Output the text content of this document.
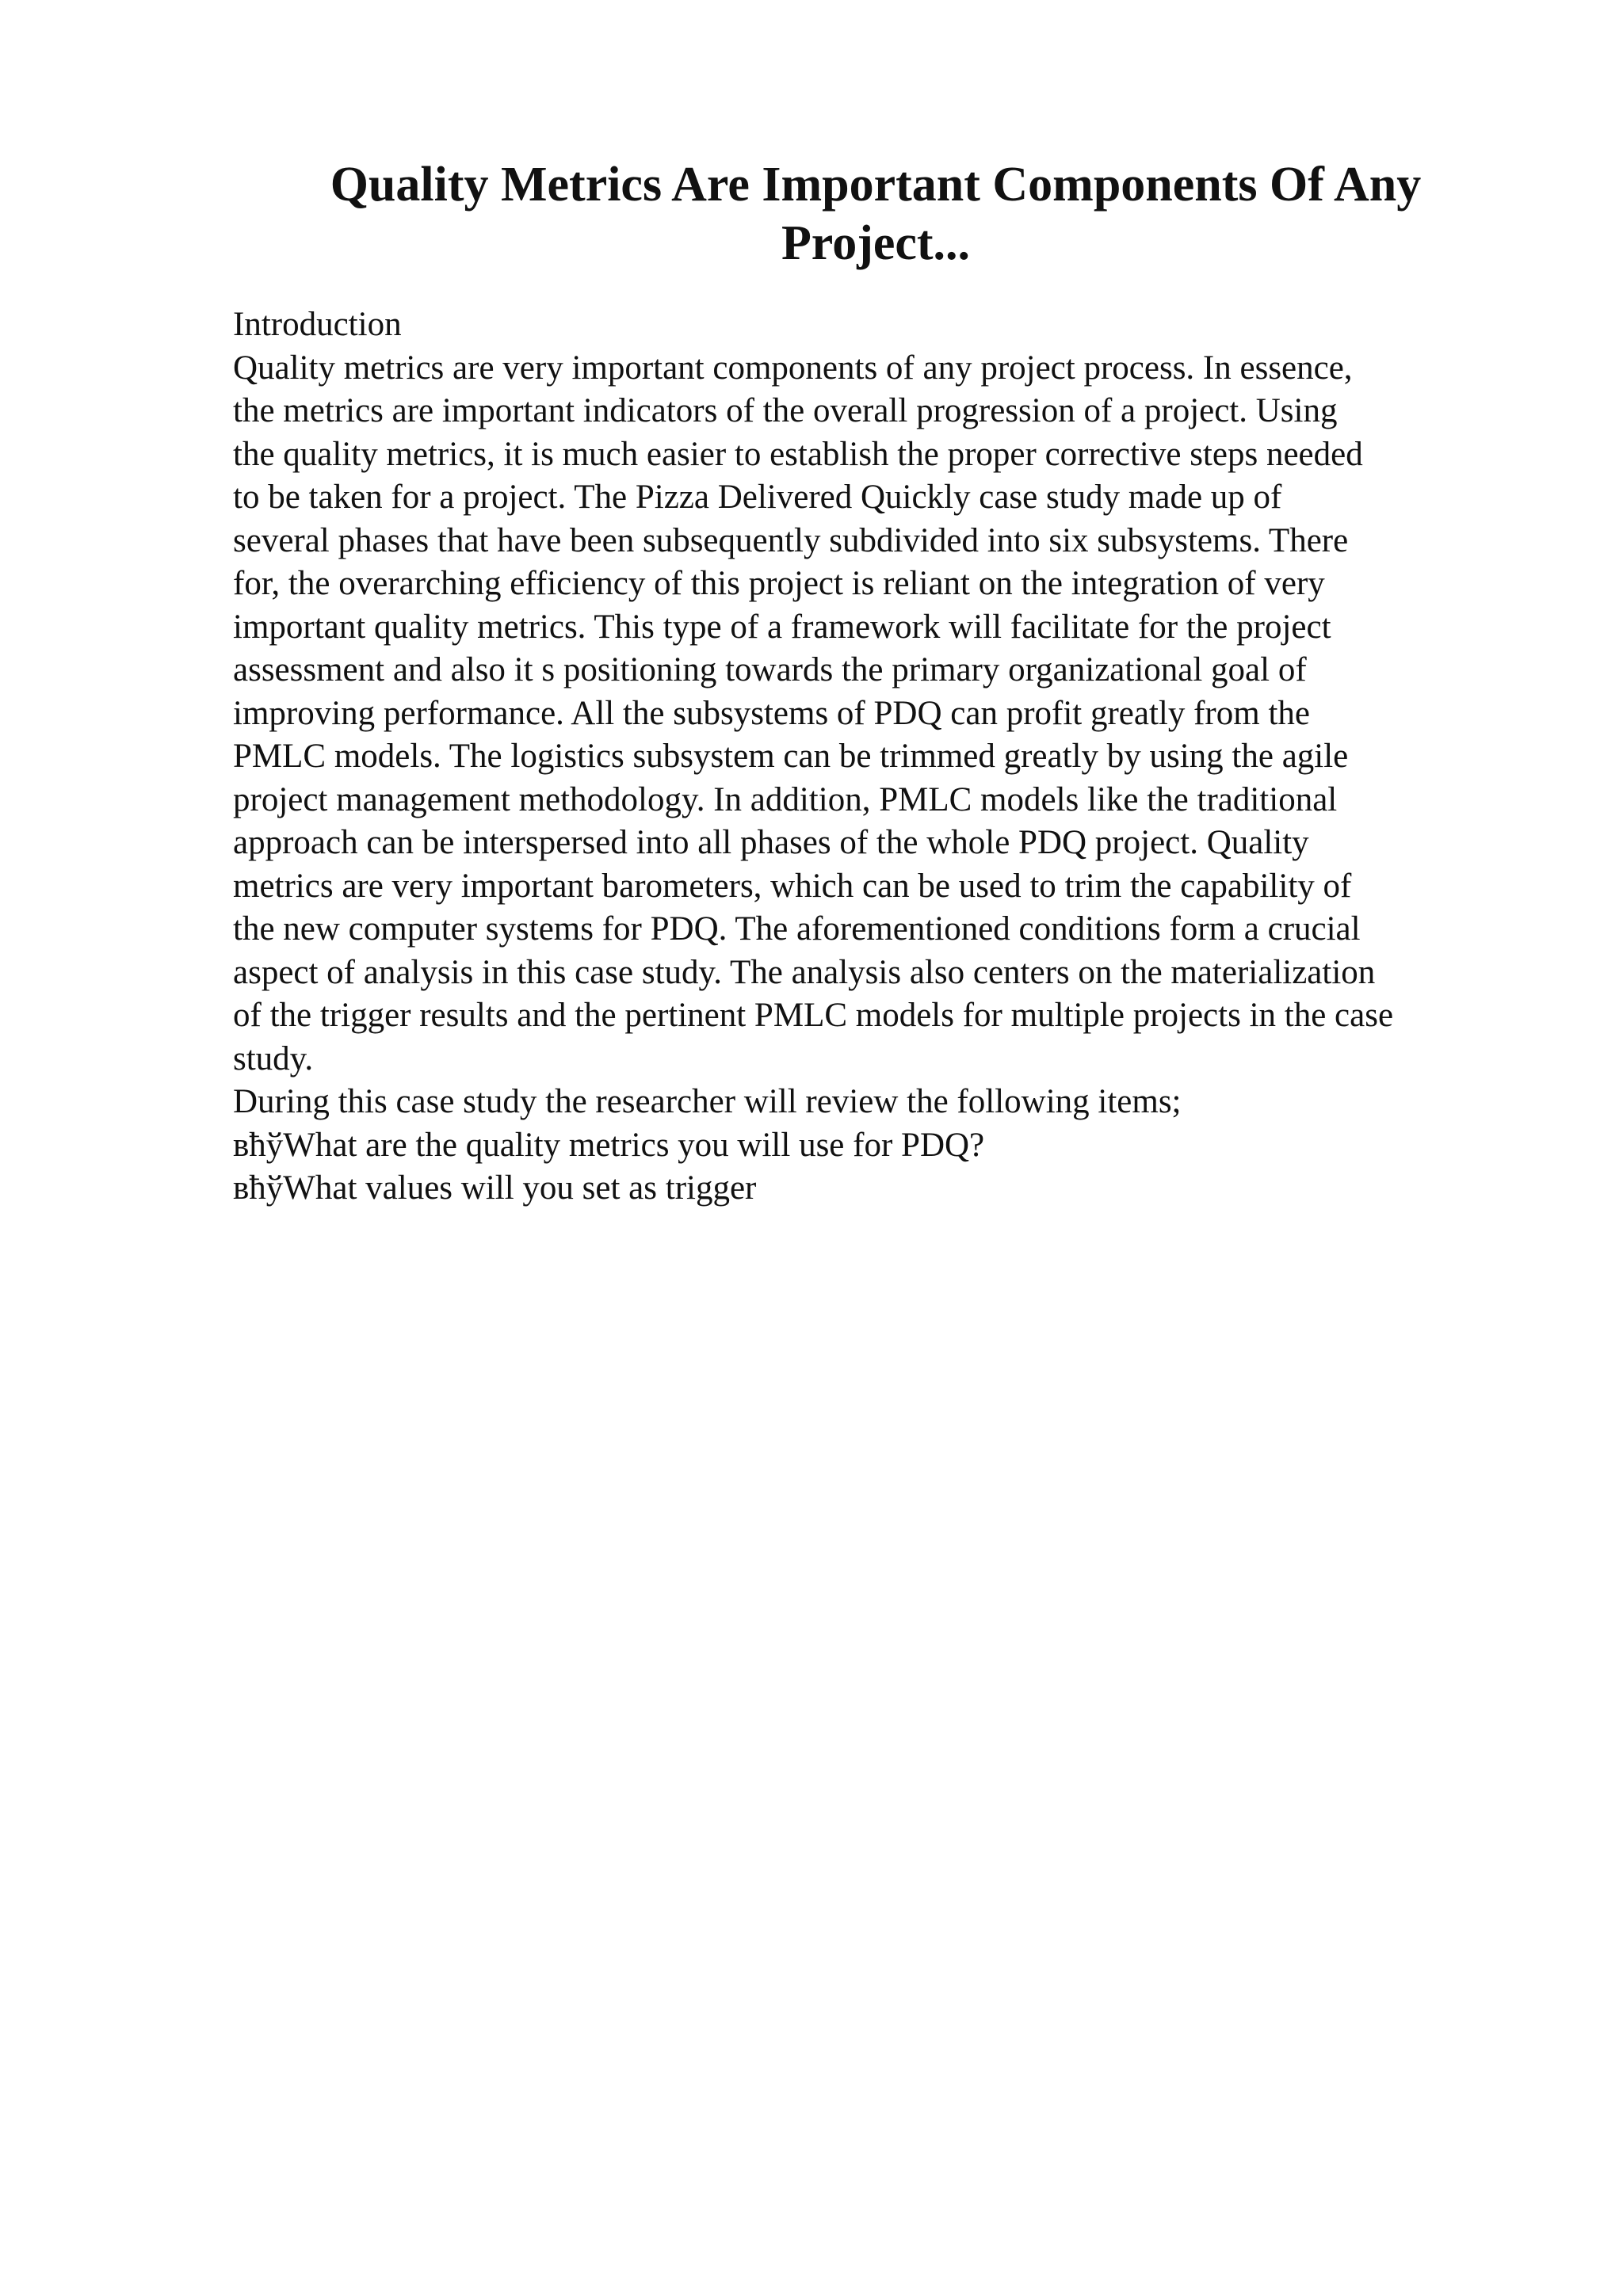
Quality Metrics Are Important Components Of Any Project...
Introduction
Quality metrics are very important components of any project process. In essence,
the metrics are important indicators of the overall progression of a project. Using
the quality metrics, it is much easier to establish the proper corrective steps needed
to be taken for a project. The Pizza Delivered Quickly case study made up of
several phases that have been subsequently subdivided into six subsystems. There
for, the overarching efficiency of this project is reliant on the integration of very
important quality metrics. This type of a framework will facilitate for the project
assessment and also it s positioning towards the primary organizational goal of
improving performance. All the subsystems of PDQ can profit greatly from the
PMLC models. The logistics subsystem can be trimmed greatly by using the agile
project management methodology. In addition, PMLC models like the traditional
approach can be interspersed into all phases of the whole PDQ project. Quality
metrics are very important barometers, which can be used to trim the capability of
the new computer systems for PDQ. The aforementioned conditions form a crucial
aspect of analysis in this case study. The analysis also centers on the materialization
of the trigger results and the pertinent PMLC models for multiple projects in the case
study.
During this case study the researcher will review the following items;
вħўWhat are the quality metrics you will use for PDQ?
вħўWhat values will you set as trigger
